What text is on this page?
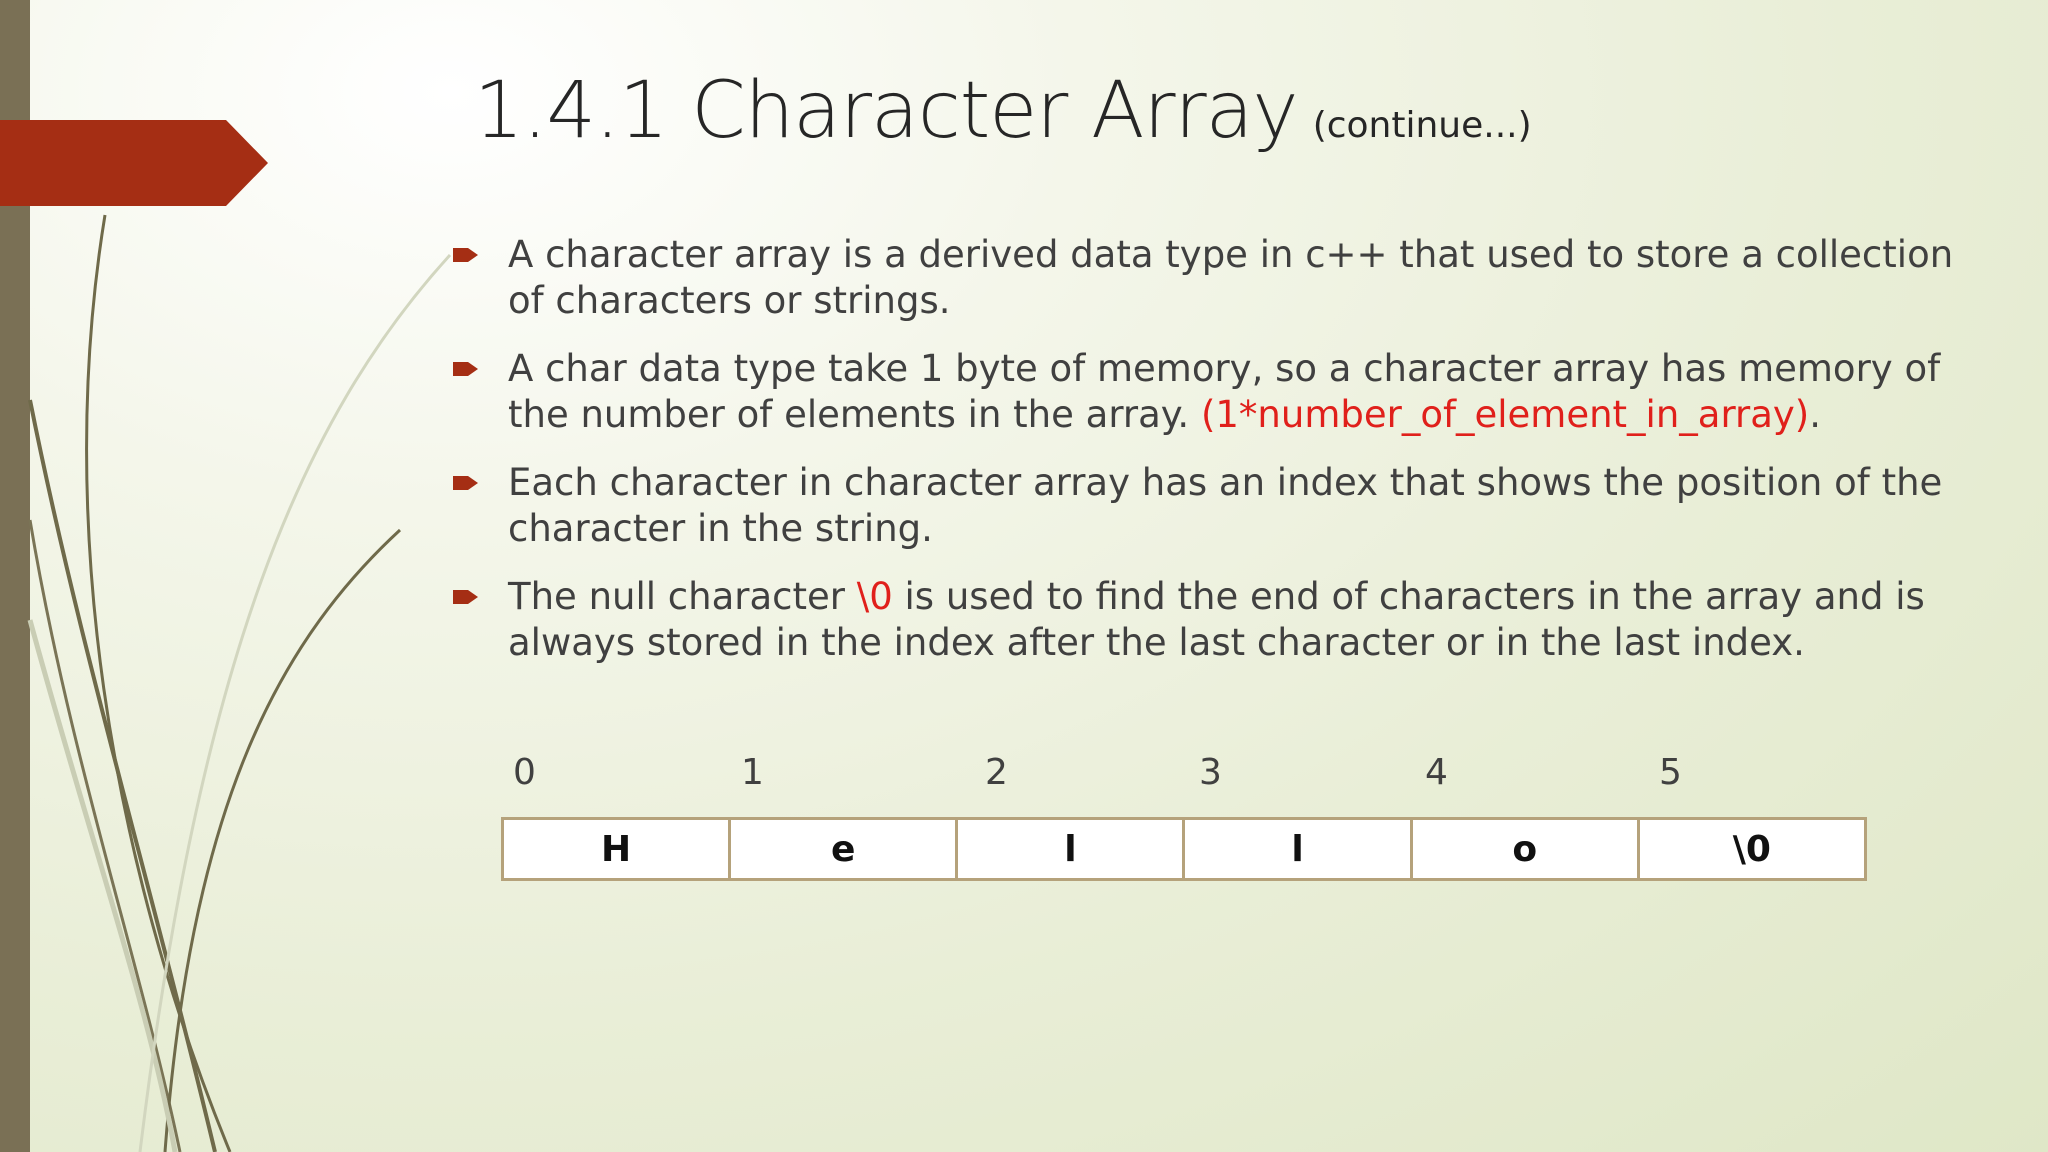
1.4.1 Character Array (continue...)
A character array is a derived data type in c++ that used to store a collection of characters or strings.
A char data type take 1 byte of memory, so a character array has memory of the number of elements in the array. (1*number_of_element_in_array).
Each character in character array has an index that shows the position of the character in the string.
The null character \0 is used to find the end of characters in the array and is always stored in the index after the last character or in the last index.
0	1	2	3	4	5
H	e	l	l	o	\0
